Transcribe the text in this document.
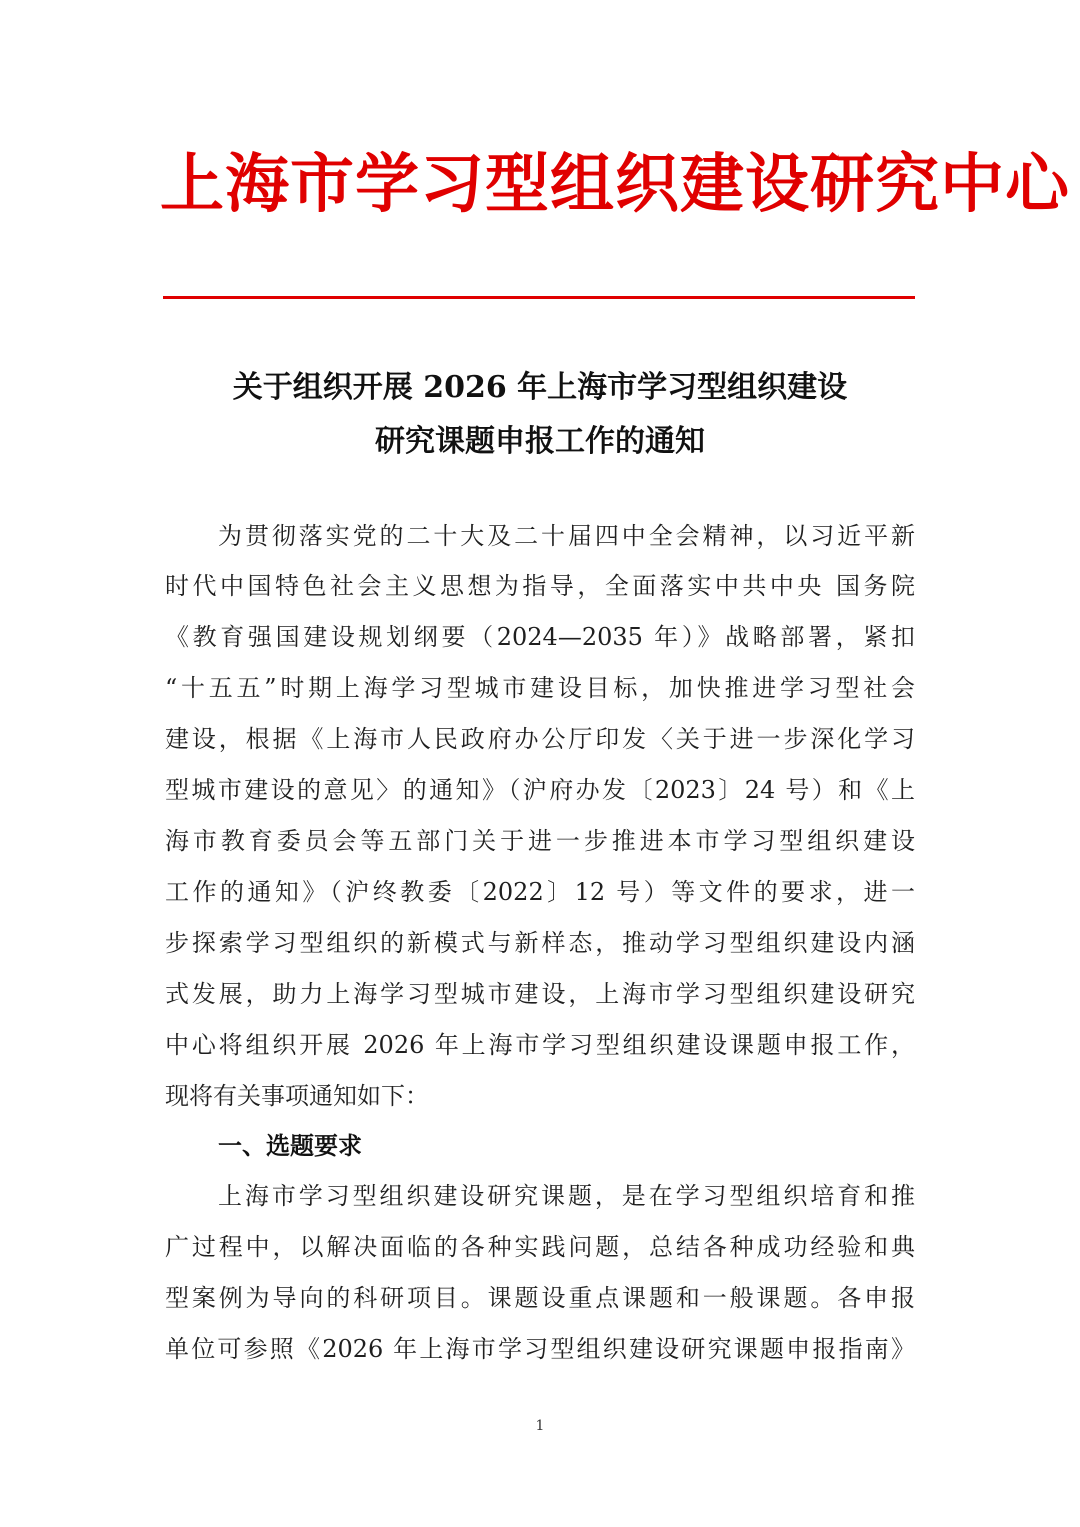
上海市学习型组织建设研究中心
关于组织开展 2026 年上海市学习型组织建设
研究课题申报工作的通知
为贯彻落实党的二十大及二十届四中全会精神，以习近平新
时代中国特色社会主义思想为指导，全面落实中共中央 国务院
《教育强国建设规划纲要（2024—2035 年）》战略部署，紧扣
“十五五”时期上海学习型城市建设目标，加快推进学习型社会
建设，根据《上海市人民政府办公厅印发〈关于进一步深化学习
型城市建设的意见〉的通知》（沪府办发〔2023〕24 号）和《上
海市教育委员会等五部门关于进一步推进本市学习型组织建设
工作的通知》（沪终教委〔2022〕12 号）等文件的要求，进一
步探索学习型组织的新模式与新样态，推动学习型组织建设内涵
式发展，助力上海学习型城市建设，上海市学习型组织建设研究
中心将组织开展 2026 年上海市学习型组织建设课题申报工作，
现将有关事项通知如下：
一、选题要求
上海市学习型组织建设研究课题，是在学习型组织培育和推
广过程中，以解决面临的各种实践问题，总结各种成功经验和典
型案例为导向的科研项目。课题设重点课题和一般课题。各申报
单位可参照《2026 年上海市学习型组织建设研究课题申报指南》
1
